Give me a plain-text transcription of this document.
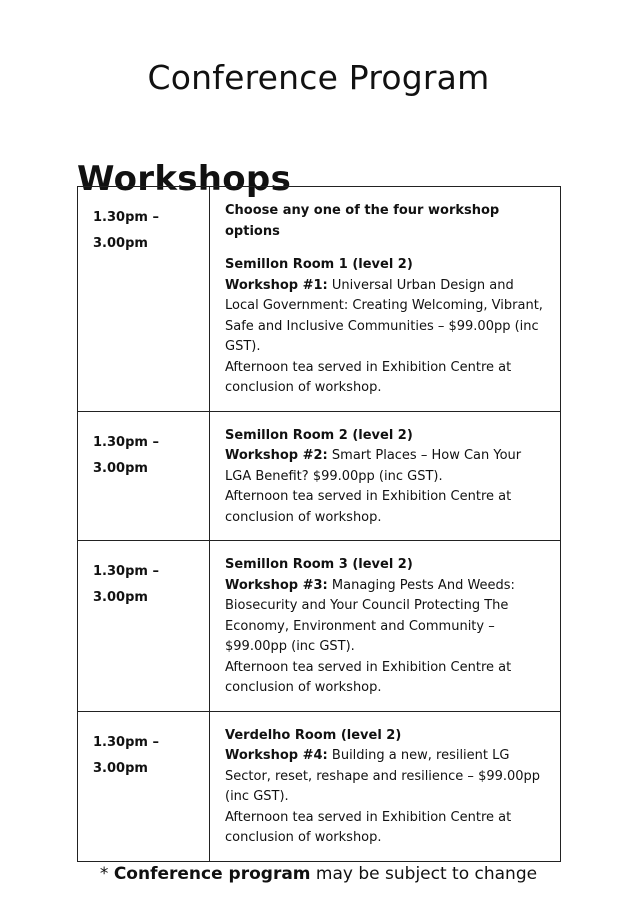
Conference Program
Workshops
1.30pm –
3.00pm	Choose any one of the four workshop options
Semillon Room 1 (level 2)
Workshop #1: Universal Urban Design and Local Government: Creating Welcoming, Vibrant, Safe and Inclusive Communities – $99.00pp (inc GST).
Afternoon tea served in Exhibition Centre at conclusion of workshop.

1.30pm –
3.00pm	Semillon Room 2 (level 2)
Workshop #2: Smart Places – How Can Your LGA Benefit? $99.00pp (inc GST).
Afternoon tea served in Exhibition Centre at conclusion of workshop.

1.30pm –
3.00pm	Semillon Room 3 (level 2)
Workshop #3: Managing Pests And Weeds: Biosecurity and Your Council Protecting The Economy, Environment and Community – $99.00pp (inc GST).
Afternoon tea served in Exhibition Centre at conclusion of workshop.

1.30pm –
3.00pm	Verdelho Room (level 2)
Workshop #4: Building a new, resilient LG Sector, reset, reshape and resilience – $99.00pp (inc GST).
Afternoon tea served in Exhibition Centre at conclusion of workshop.
* Conference program may be subject to change
